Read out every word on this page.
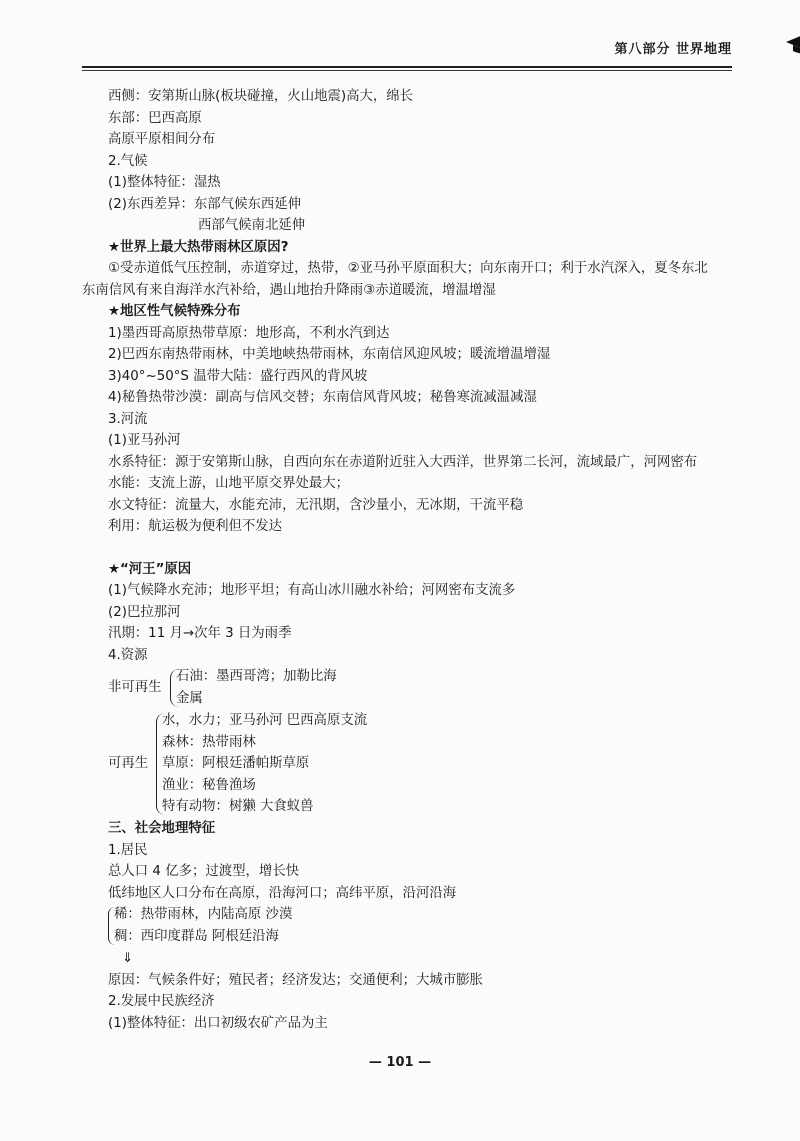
第八部分 世界地理
西侧：安第斯山脉(板块碰撞，火山地震)高大，绵长
东部：巴西高原
高原平原相间分布
2.气候
(1)整体特征：湿热
(2)东西差异：东部气候东西延伸
西部气候南北延伸
★世界上最大热带雨林区原因?
①受赤道低气压控制，赤道穿过，热带，②亚马孙平原面积大；向东南开口；利于水汽深入，夏冬东北
东南信风有来自海洋水汽补给，遇山地抬升降雨③赤道暖流，增温增湿
★地区性气候特殊分布
1)墨西哥高原热带草原：地形高，不利水汽到达
2)巴西东南热带雨林，中美地峡热带雨林，东南信风迎风坡；暖流增温增湿
3)40°~50°S 温带大陆：盛行西风的背风坡
4)秘鲁热带沙漠：副高与信风交替；东南信风背风坡；秘鲁寒流减温减湿
3.河流
(1)亚马孙河
水系特征：源于安第斯山脉，自西向东在赤道附近驻入大西洋，世界第二长河，流域最广，河网密布
水能：支流上游，山地平原交界处最大；
水文特征：流量大，水能充沛，无汛期，含沙量小，无冰期，干流平稳
利用：航运极为便利但不发达
★“河王”原因
(1)气候降水充沛；地形平坦；有高山冰川融水补给；河网密布支流多
(2)巴拉那河
汛期：11 月→次年 3 日为雨季
4.资源
非可再生
石油：墨西哥湾；加勒比海
金属
可再生
水，水力；亚马孙河 巴西高原支流
森林：热带雨林
草原：阿根廷潘帕斯草原
渔业：秘鲁渔场
特有动物：树獭 大食蚁兽
三、社会地理特征
1.居民
总人口 4 亿多；过渡型，增长快
低纬地区人口分布在高原，沿海河口；高纬平原，沿河沿海
稀：热带雨林，内陆高原 沙漠
稠：西印度群岛 阿根廷沿海
⇓
原因：气候条件好；殖民者；经济发达；交通便利；大城市膨胀
2.发展中民族经济
(1)整体特征：出口初级农矿产品为主
— 101 —
